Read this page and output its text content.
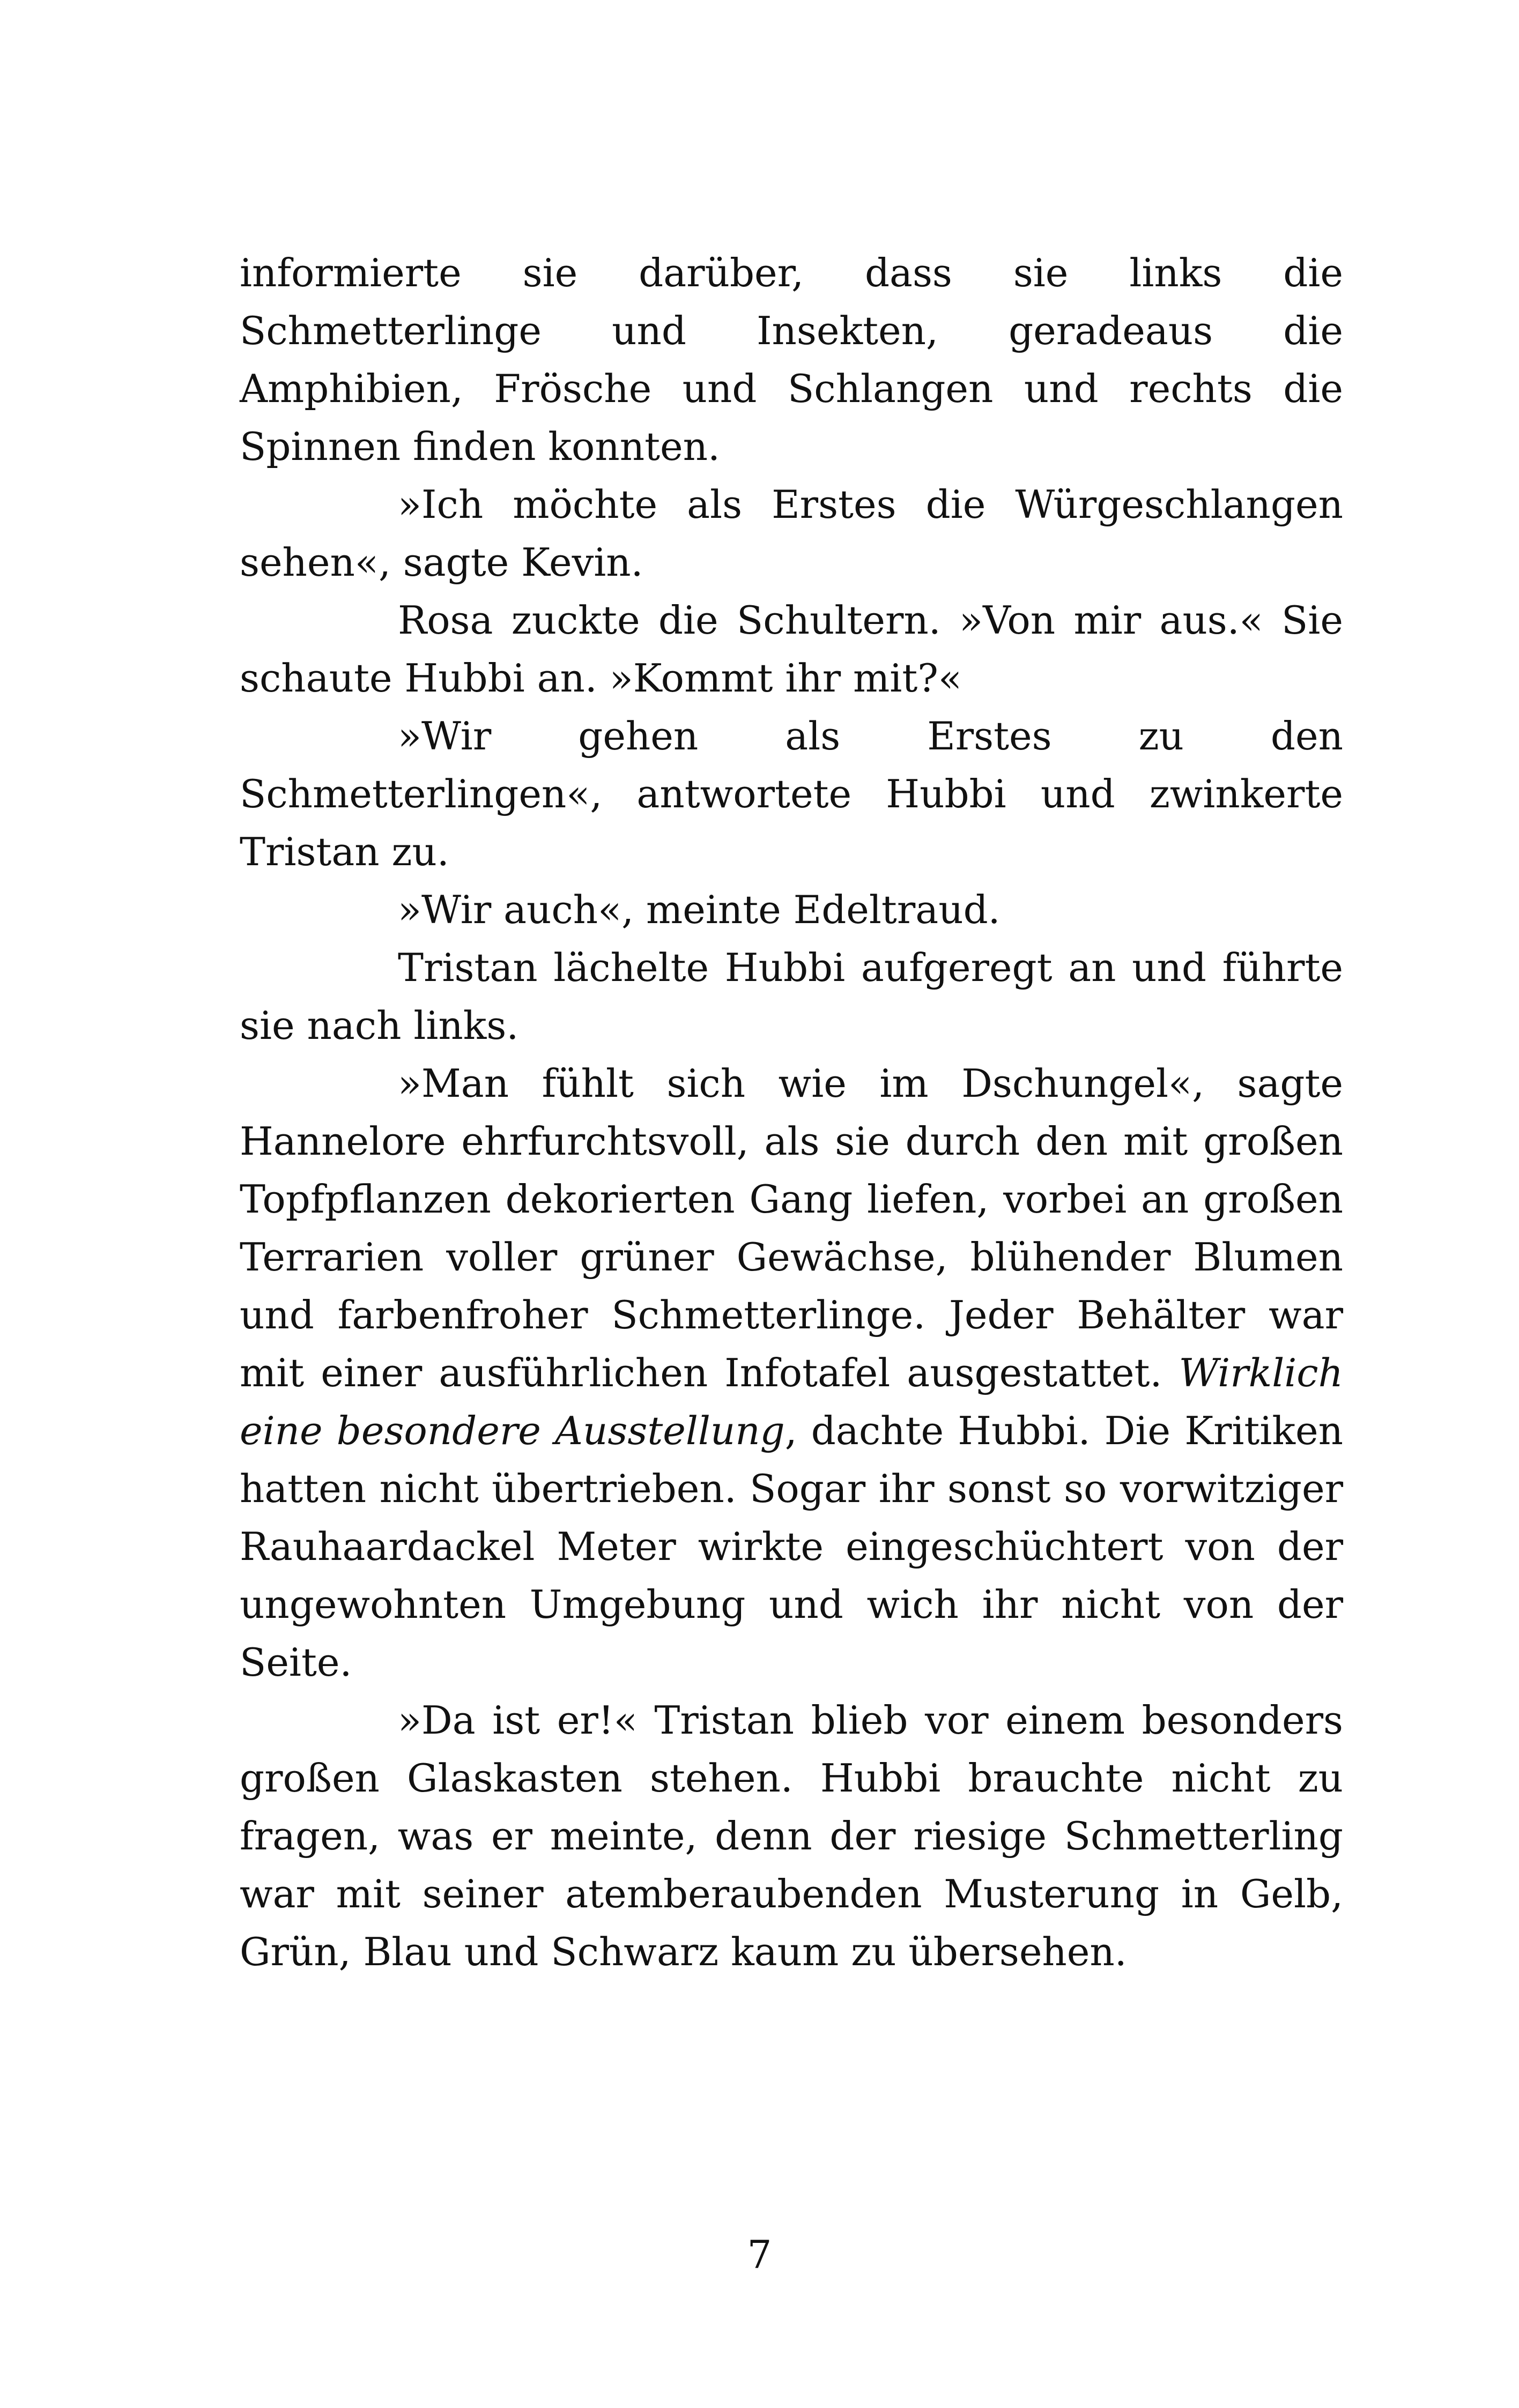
informierte sie darüber, dass sie links die Schmetterlinge und Insekten, geradeaus die Amphibien, Frösche und Schlangen und rechts die Spinnen finden konnten.

»Ich möchte als Erstes die Würgeschlangen sehen«, sagte Kevin.

Rosa zuckte die Schultern. »Von mir aus.« Sie schaute Hubbi an. »Kommt ihr mit?«

»Wir gehen als Erstes zu den Schmetterlingen«, antwortete Hubbi und zwinkerte Tristan zu.

»Wir auch«, meinte Edeltraud.

Tristan lächelte Hubbi aufgeregt an und führte sie nach links.

»Man fühlt sich wie im Dschungel«, sagte Hannelore ehrfurchtsvoll, als sie durch den mit großen Topfpflanzen dekorierten Gang liefen, vorbei an großen Terrarien voller grüner Gewächse, blühender Blumen und farbenfroher Schmetterlinge. Jeder Behälter war mit einer ausführlichen Infotafel ausgestattet. Wirklich eine besondere Ausstellung, dachte Hubbi. Die Kritiken hatten nicht übertrieben. Sogar ihr sonst so vorwitziger Rauhaardackel Meter wirkte eingeschüchtert von der ungewohnten Umgebung und wich ihr nicht von der Seite.

»Da ist er!« Tristan blieb vor einem besonders großen Glaskasten stehen. Hubbi brauchte nicht zu fragen, was er meinte, denn der riesige Schmetterling war mit seiner atemberaubenden Musterung in Gelb, Grün, Blau und Schwarz kaum zu übersehen.

7
